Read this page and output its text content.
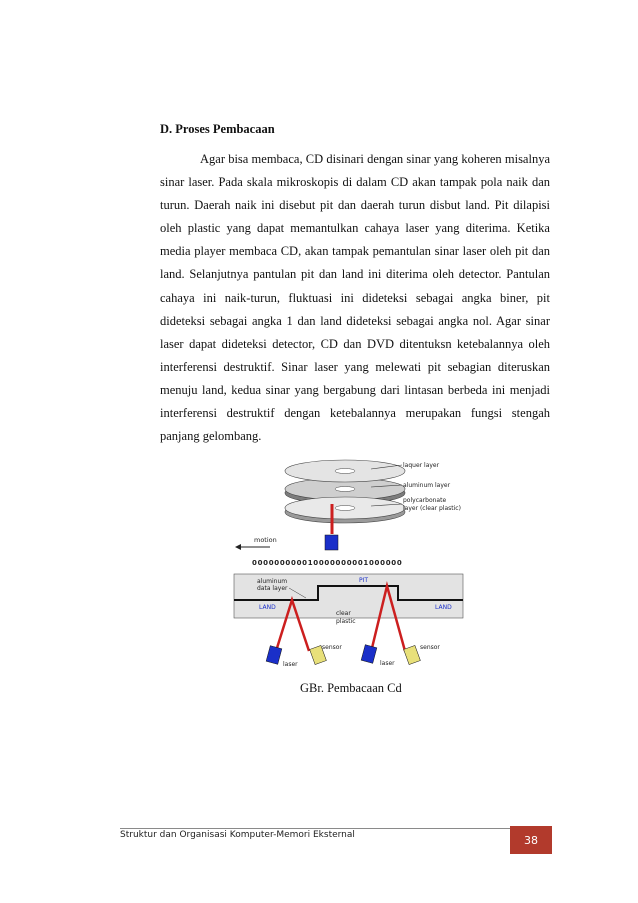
D. Proses Pembacaan

Agar bisa membaca, CD disinari dengan sinar yang koheren misalnya sinar laser. Pada skala mikroskopis di dalam CD akan tampak pola naik dan turun. Daerah naik ini disebut pit dan daerah turun disbut land. Pit dilapisi oleh plastic yang dapat memantulkan cahaya laser yang diterima. Ketika media player membaca CD, akan tampak pemantulan sinar laser oleh pit dan land. Selanjutnya pantulan pit dan land ini diterima oleh detector. Pantulan cahaya ini naik-turun, fluktuasi ini dideteksi sebagai angka biner, pit dideteksi sebagai angka 1 dan land dideteksi sebagai angka nol. Agar sinar laser dapat dideteksi detector, CD dan DVD ditentuksn ketebalannya oleh interferensi destruktif. Sinar laser yang melewati pit sebagian diteruskan menuju land, kedua sinar yang bergabung dari lintasan berbeda ini menjadi interferensi destruktif dengan ketebalannya merupakan fungsi stengah panjang gelombang.

laquer layer
aluminum layer
polycarbonate
layer (clear plastic)
motion
000000000010000000001000000
aluminum
data layer
PIT
LAND	LAND
clear
plastic
laser
sensor
laser
sensor
GBr. Pembacaan Cd
Struktur dan Organisasi Komputer-Memori Eksternal	38
